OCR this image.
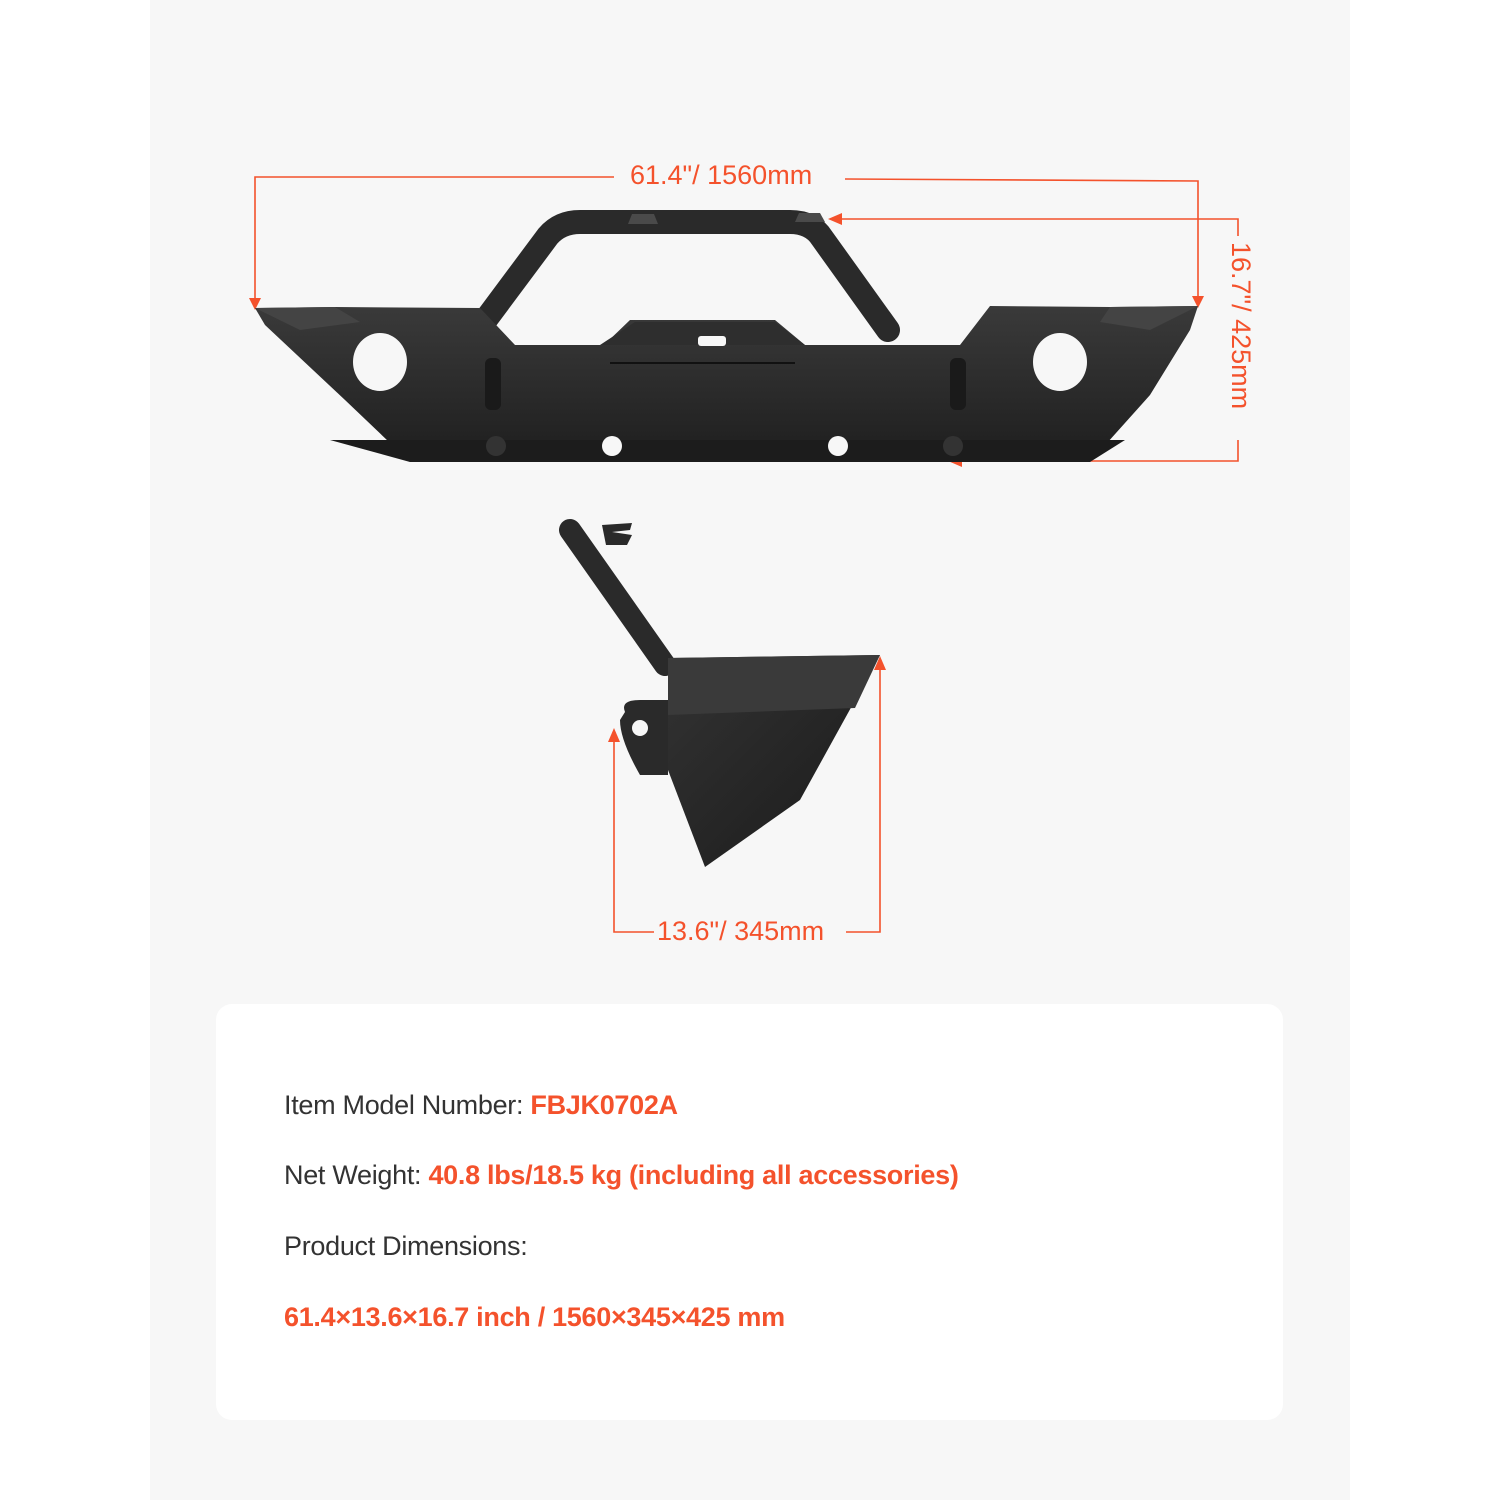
61.4"/ 1560mm
16.7"/ 425mm
13.6"/ 345mm
Item Model Number: FBJK0702A
Net Weight: 40.8 lbs/18.5 kg (including all accessories)
Product Dimensions:
61.4×13.6×16.7 inch / 1560×345×425 mm
